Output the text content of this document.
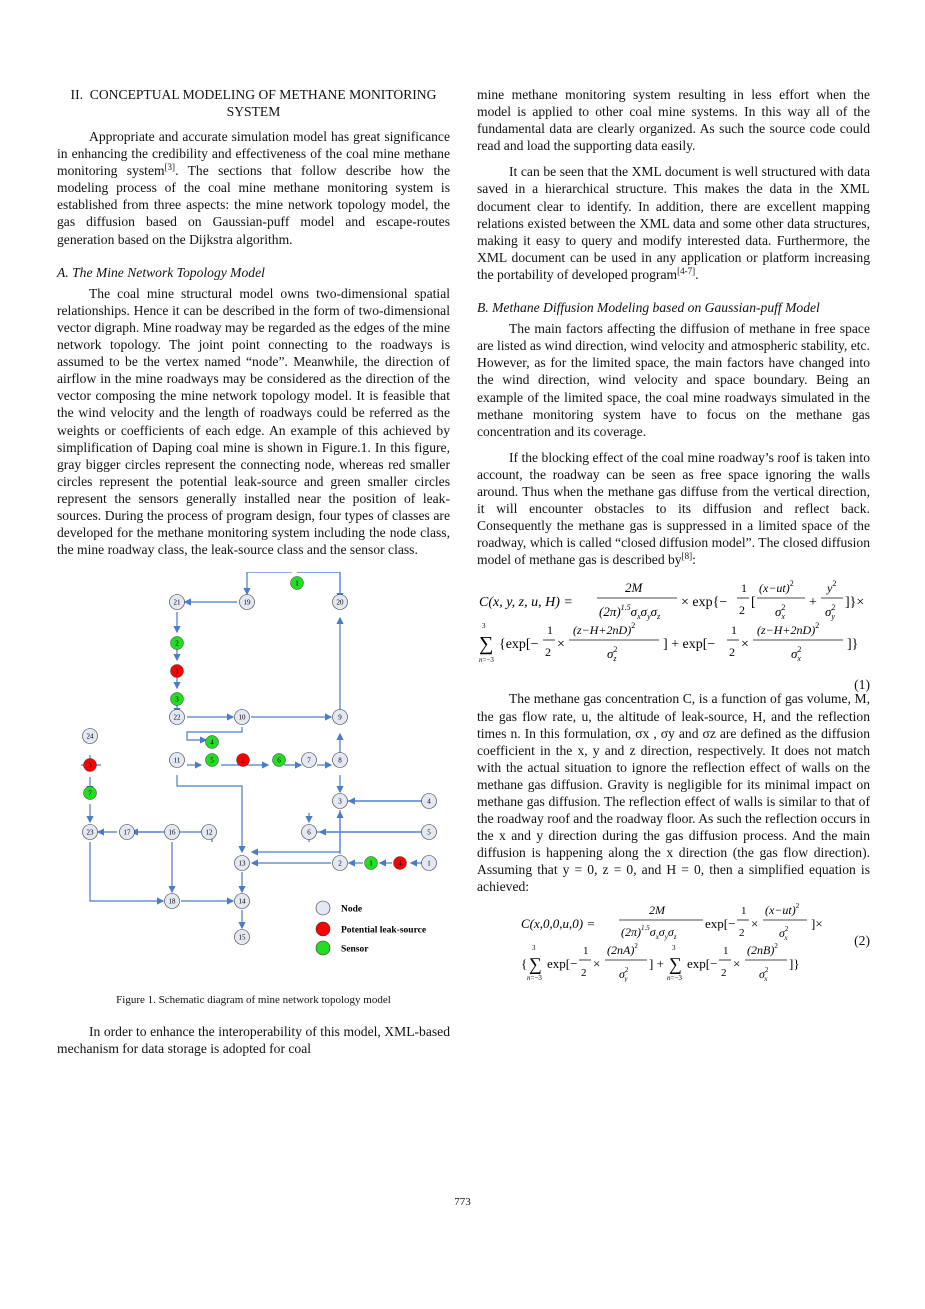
II. CONCEPTUAL MODELING OF METHANE MONITORING
SYSTEM

Appropriate and accurate simulation model has great significance in enhancing the credibility and effectiveness of the coal mine methane monitoring system[3]. The sections that follow describe how the modeling process of the coal mine methane monitoring system is established from three aspects: the mine network topology model, the gas diffusion based on Gaussian-puff model and escape-routes generation based on the Dijkstra algorithm.

A. The Mine Network Topology Model

The coal mine structural model owns two-dimensional spatial relationships. Hence it can be described in the form of two-dimensional vector digraph. Mine roadway may be regarded as the edges of the mine network topology. The joint point connecting to the roadways is assumed to be the vertex named “node”. Meanwhile, the direction of airflow in the mine roadways may be considered as the direction of the vector composing the mine network topology model. It is feasible that the wind velocity and the length of roadways could be referred as the weights or coefficients of each edge. An example of this achieved by simplification of Daping coal mine is shown in Figure.1. In this figure, gray bigger circles represent the connecting node, whereas red smaller circles represent the potential leak-source and green smaller circles represent the sensors generally installed near the position of leak-sources. During the process of program design, four types of classes are developed for the methane monitoring system including the node class, the mine roadway class, the leak-source class and the sensor class.

21	19	20
22	10	9
24
11	7	8
3	4
23	17	16	12	6	5
13	2	1
18	14
15
1
2
3
4
5	6
7
1
1
2
3
4
Node
Potential leak-source
Sensor
Figure 1. Schematic diagram of mine network topology model

In order to enhance the interoperability of this model, XML-based mechanism for data storage is adopted for coal

mine methane monitoring system resulting in less effort when the model is applied to other coal mine systems. In this way all of the fundamental data are clearly organized. As such the source code could read and load the supporting data easily.

It can be seen that the XML document is well structured with data saved in a hierarchical structure. This makes the data in the XML document clear to identify. In addition, there are excellent mapping relations existed between the XML data and some other data structures, making it easy to query and modify interested data. Furthermore, the XML document can be used in any application or platform increasing the portability of developed program[4-7].

B. Methane Diffusion Modeling based on Gaussian-puff Model

The main factors affecting the diffusion of methane in free space are listed as wind direction, wind velocity and atmospheric stability, etc. However, as for the limited space, the main factors have changed into the wind direction, wind velocity and space boundary. Being an example of the limited space, the coal mine roadways simulated in the methane monitoring system have to focus on the methane gas concentration and its coverage.

If the blocking effect of the coal mine roadway’s roof is taken into account, the roadway can be seen as free space ignoring the walls around. Thus when the methane gas diffuse from the vertical direction, it will encounter obstacles to its diffusion and reflect back. Consequently the methane gas is suppressed in a limited space of the roadway, which is called “closed diffusion model”. The closed diffusion model of methane gas is described by[8]:

C(x, y, z, u, H) =
2M
$(2\pi)^{1.5}\sigma_x\sigma_y\sigma_z$
× exp{−
1
2 [
$(x-ut)^2$
$\sigma^2$ x
+
$y^2$
$\sigma^2$ y
]}×
∑
3
n=−3
{exp[−
1
2 ×
$(z-H+2nD)^2$
$\sigma^2$ z
] + exp[−
1
2 ×
$(z-H+2nD)^2$
$\sigma^2$ x
]}
(1)

The methane gas concentration C, is a function of gas volume, M, the gas flow rate, u, the altitude of leak-source, H, and the reflection times n. In this formulation, σx , σy and σz are defined as the diffusion coefficient in the x, y and z direction, respectively. It does not match with the actual situation to ignore the reflection effect of walls on the methane gas diffusion. Gravity is negligible for its minimal impact on methane gas diffusion. The reflection effect of walls is similar to that of the roadway roof and the roadway floor. As such the reflection occurs in the x and y direction during the gas diffusion process. And the main diffusion is happening along the x direction (the gas flow direction). Assuming that y = 0, z = 0, and H = 0, then a simplified equation is achieved:

C(x,0,0,u,0) =
2M
$(2\pi)^{1.5}\sigma_x\sigma_y\sigma_z$
exp[−
1
2
×
$(x-ut)^2$
$\sigma^2$ x
]×
{ ∑
3
n=−3
exp[−
1
2
×
$(2nA)^2$
$\sigma^2$ y
] + ∑
3
n=−3
exp[−
1
2
×
$(2nB)^2$
$\sigma^2$ x
]}
(2)
773
